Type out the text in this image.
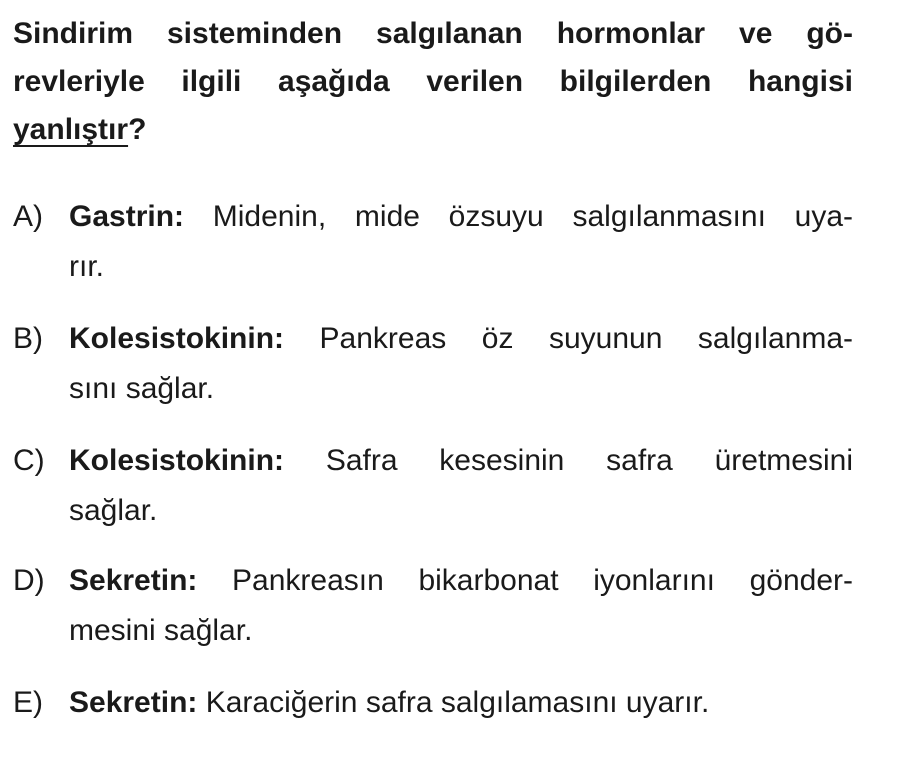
Sindirim sisteminden salgılanan hormonlar ve gö-
revleriyle ilgili aşağıda verilen bilgilerden hangisi
yanlıştır?
A) Gastrin: Midenin, mide özsuyu salgılanmasını uya-
rır.
B) Kolesistokinin: Pankreas öz suyunun salgılanma-
sını sağlar.
C) Kolesistokinin: Safra kesesinin safra üretmesini
sağlar.
D) Sekretin: Pankreasın bikarbonat iyonlarını gönder-
mesini sağlar.
E) Sekretin: Karaciğerin safra salgılamasını uyarır.
